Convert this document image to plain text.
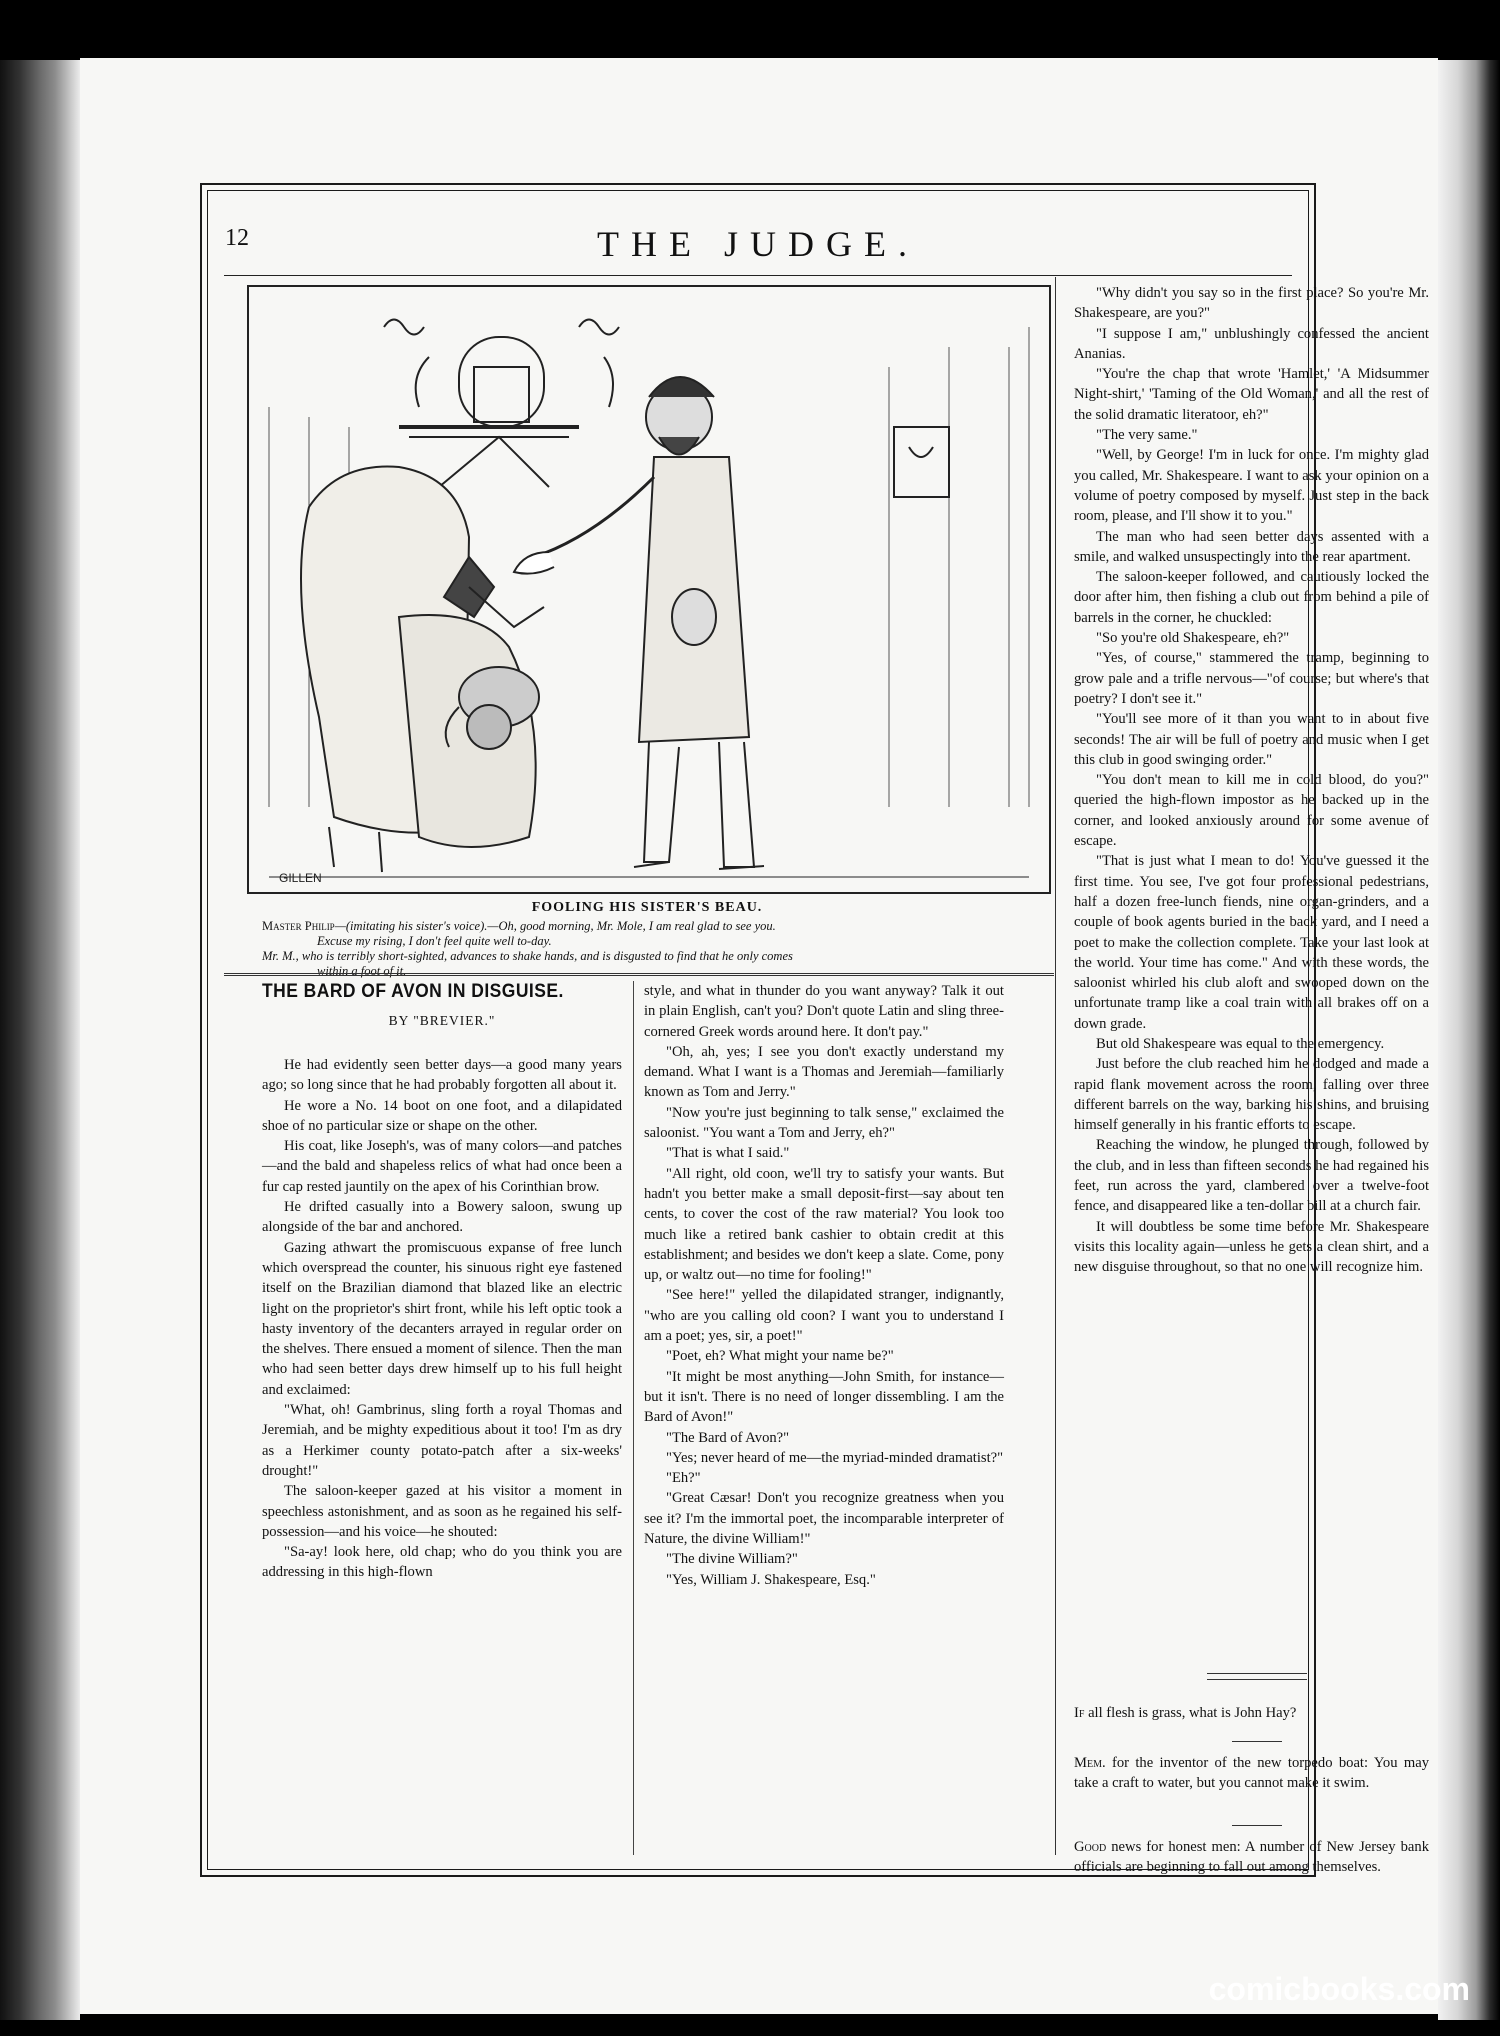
12	THE JUDGE.
GILLEN
FOOLING HIS SISTER'S BEAU.
Master Philip—(imitating his sister's voice).—Oh, good morning, Mr. Mole, I am real glad to see you.
Excuse my rising, I don't feel quite well to-day.
Mr. M., who is terribly short-sighted, advances to shake hands, and is disgusted to find that he only comes
within a foot of it.
THE BARD OF AVON IN DISGUISE.
BY "BREVIER."

He had evidently seen better days—a good many years ago; so long since that he had probably forgotten all about it.

He wore a No. 14 boot on one foot, and a dilapidated shoe of no particular size or shape on the other.

His coat, like Joseph's, was of many colors—and patches—and the bald and shapeless relics of what had once been a fur cap rested jauntily on the apex of his Corinthian brow.

He drifted casually into a Bowery saloon, swung up alongside of the bar and anchored.

Gazing athwart the promiscuous expanse of free lunch which overspread the counter, his sinuous right eye fastened itself on the Brazilian diamond that blazed like an electric light on the proprietor's shirt front, while his left optic took a hasty inventory of the decanters arrayed in regular order on the shelves. There ensued a moment of silence. Then the man who had seen better days drew himself up to his full height and exclaimed:

"What, oh! Gambrinus, sling forth a royal Thomas and Jeremiah, and be mighty expeditious about it too! I'm as dry as a Herkimer county potato-patch after a six-weeks' drought!"

The saloon-keeper gazed at his visitor a moment in speechless astonishment, and as soon as he regained his self-possession—and his voice—he shouted:

"Sa-ay! look here, old chap; who do you think you are addressing in this high-flown

style, and what in thunder do you want anyway? Talk it out in plain English, can't you? Don't quote Latin and sling three-cornered Greek words around here. It don't pay."

"Oh, ah, yes; I see you don't exactly understand my demand. What I want is a Thomas and Jeremiah—familiarly known as Tom and Jerry."

"Now you're just beginning to talk sense," exclaimed the saloonist. "You want a Tom and Jerry, eh?"

"That is what I said."

"All right, old coon, we'll try to satisfy your wants. But hadn't you better make a small deposit-first—say about ten cents, to cover the cost of the raw material? You look too much like a retired bank cashier to obtain credit at this establishment; and besides we don't keep a slate. Come, pony up, or waltz out—no time for fooling!"

"See here!" yelled the dilapidated stranger, indignantly, "who are you calling old coon? I want you to understand I am a poet; yes, sir, a poet!"

"Poet, eh? What might your name be?"

"It might be most anything—John Smith, for instance—but it isn't. There is no need of longer dissembling. I am the Bard of Avon!"

"The Bard of Avon?"

"Yes; never heard of me—the myriad-minded dramatist?"

"Eh?"

"Great Cæsar! Don't you recognize greatness when you see it? I'm the immortal poet, the incomparable interpreter of Nature, the divine William!"

"The divine William?"

"Yes, William J. Shakespeare, Esq."

"Why didn't you say so in the first place? So you're Mr. Shakespeare, are you?"

"I suppose I am," unblushingly confessed the ancient Ananias.

"You're the chap that wrote 'Hamlet,' 'A Midsummer Night-shirt,' 'Taming of the Old Woman,' and all the rest of the solid dramatic literatoor, eh?"

"The very same."

"Well, by George! I'm in luck for once. I'm mighty glad you called, Mr. Shakespeare. I want to ask your opinion on a volume of poetry composed by myself. Just step in the back room, please, and I'll show it to you."

The man who had seen better days assented with a smile, and walked unsuspectingly into the rear apartment.

The saloon-keeper followed, and cautiously locked the door after him, then fishing a club out from behind a pile of barrels in the corner, he chuckled:

"So you're old Shakespeare, eh?"

"Yes, of course," stammered the tramp, beginning to grow pale and a trifle nervous—"of course; but where's that poetry? I don't see it."

"You'll see more of it than you want to in about five seconds! The air will be full of poetry and music when I get this club in good swinging order."

"You don't mean to kill me in cold blood, do you?" queried the high-flown impostor as he backed up in the corner, and looked anxiously around for some avenue of escape.

"That is just what I mean to do! You've guessed it the first time. You see, I've got four professional pedestrians, half a dozen free-lunch fiends, nine organ-grinders, and a couple of book agents buried in the back yard, and I need a poet to make the collection complete. Take your last look at the world. Your time has come." And with these words, the saloonist whirled his club aloft and swooped down on the unfortunate tramp like a coal train with all brakes off on a down grade.

But old Shakespeare was equal to the emergency.

Just before the club reached him he dodged and made a rapid flank movement across the room, falling over three different barrels on the way, barking his shins, and bruising himself generally in his frantic efforts to escape.

Reaching the window, he plunged through, followed by the club, and in less than fifteen seconds he had regained his feet, run across the yard, clambered over a twelve-foot fence, and disappeared like a ten-dollar bill at a church fair.

It will doubtless be some time before Mr. Shakespeare visits this locality again—unless he gets a clean shirt, and a new disguise throughout, so that no one will recognize him.

If all flesh is grass, what is John Hay?
Mem. for the inventor of the new torpedo boat: You may take a craft to water, but you cannot make it swim.
Good news for honest men: A number of New Jersey bank officials are beginning to fall out among themselves.
comicbooks.com
